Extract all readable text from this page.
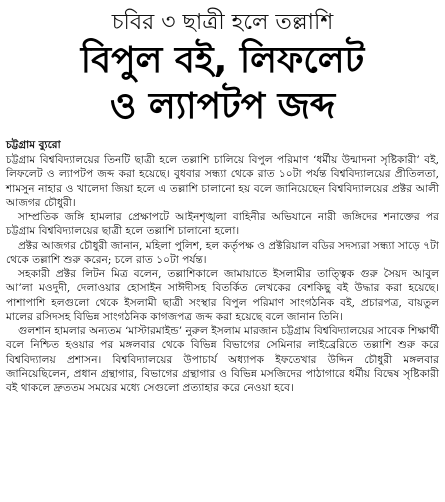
চবির ৩ ছাত্রী হলে তল্লাশি

বিপুল বই, লিফলেট

ও ল্যাপটপ জব্দ

চট্টগ্রাম ব্যুরো

চট্টগ্রাম বিশ্ববিদ্যালয়ের তিনটি ছাত্রী হলে তল্লাশি চালিয়ে বিপুল পরিমাণ ‘ধর্মীয় উন্মাদনা সৃষ্টিকারী’ বই, লিফলেট ও ল্যাপটপ জব্দ করা হয়েছে। বুধবার সন্ধ্যা থেকে রাত ১০টা পর্যন্ত বিশ্ববিদ্যালয়ের প্রীতিলতা, শামসুন নাহার ও খালেদা জিয়া হলে এ তল্লাশি চালানো হয় বলে জানিয়েছেন বিশ্ববিদ্যালয়ের প্রক্টর আলী আজগর চৌধুরী।

সাম্প্রতিক জঙ্গি হামলার প্রেক্ষাপটে আইনশৃঙ্খলা বাহিনীর অভিযানে নারী জঙ্গিদের শনাক্তের পর চট্টগ্রাম বিশ্ববিদ্যালয়ের ছাত্রী হলে তল্লাশি চালানো হলো।

প্রক্টর আজগর চৌধুরী জানান, মহিলা পুলিশ, হল কর্তৃপক্ষ ও প্রক্টরিয়াল বডির সদস্যরা সন্ধ্যা সাড়ে ৭টা থেকে তল্লাশি শুরু করেন; চলে রাত ১০টা পর্যন্ত।

সহকারী প্রক্টর লিটন মিত্র বলেন, তল্লাশিকালে জামায়াতে ইসলামীর তাত্ত্বিক গুরু সৈয়দ আবুল আ’লা মওদুদী, দেলাওয়ার হোসাইন সাঈদীসহ বিতর্কিত লেখকের বেশকিছু বই উদ্ধার করা হয়েছে। পাশাপাশি হলগুলো থেকে ইসলামী ছাত্রী সংস্থার বিপুল পরিমাণ সাংগঠনিক বই, প্রচারপত্র, বায়তুল মালের রসিদসহ বিভিন্ন সাংগঠনিক কাগজপত্র জব্দ করা হয়েছে বলে জানান তিনি।

গুলশান হামলার অন্যতম ‘মাস্টারমাইন্ড’ নুরুল ইসলাম মারজান চট্টগ্রাম বিশ্ববিদ্যালয়ের সাবেক শিক্ষার্থী বলে নিশ্চিত হওয়ার পর মঙ্গলবার থেকে বিভিন্ন বিভাগের সেমিনার লাইব্রেরিতে তল্লাশি শুরু করে বিশ্ববিদ্যালয় প্রশাসন। বিশ্ববিদ্যালয়ের উপাচার্য অধ্যাপক ইফতেখার উদ্দিন চৌধুরী মঙ্গলবার জানিয়েছিলেন, প্রধান গ্রন্থাগার, বিভাগের গ্রন্থাগার ও বিভিন্ন মসজিদের পাঠাগারে ধর্মীয় বিদ্বেষ সৃষ্টিকারী বই থাকলে দ্রুততম সময়ের মধ্যে সেগুলো প্রত্যাহার করে নেওয়া হবে।
